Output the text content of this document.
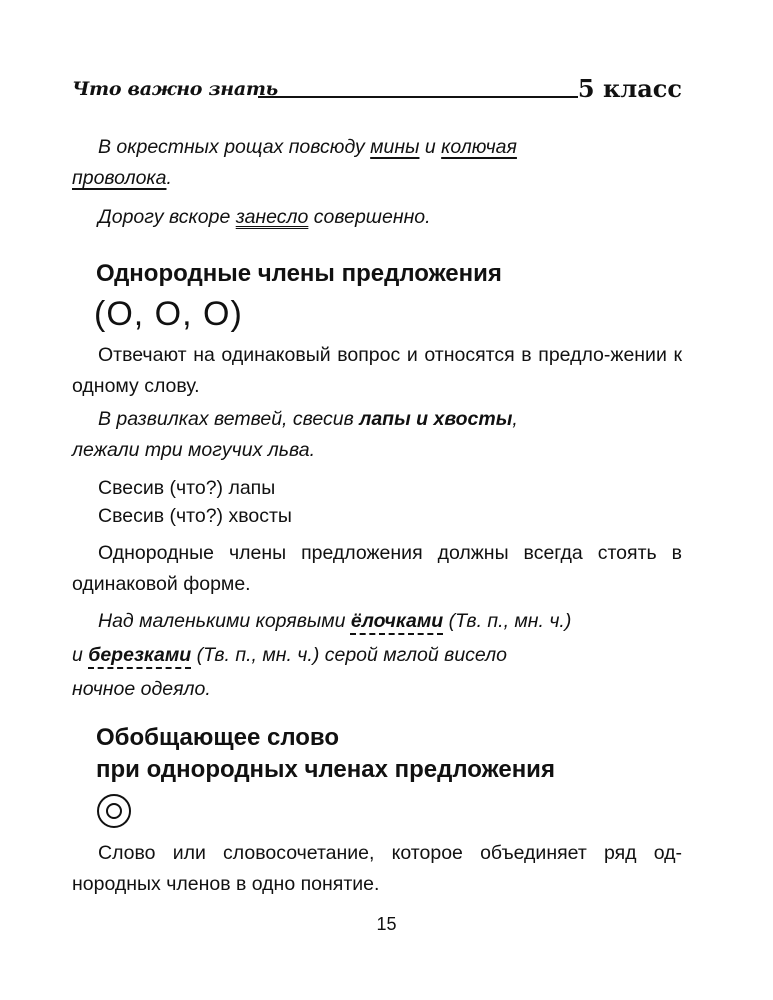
Что важно знать	5 класс
В окрестных рощах повсюду мины и колючая
проволока.
Дорогу вскоре занесло совершенно.
Однородные члены предложения
(О, О, О)
Отвечают на одинаковый вопрос и относятся в предло-жении к одному слову.
В развилках ветвей, свесив лапы и хвосты,
лежали три могучих льва.
Свесив (что?) лапы
Свесив (что?) хвосты
Однородные члены предложения должны всегда стоять в одинаковой форме.
Над маленькими корявыми ёлочками (Тв. п., мн. ч.)
и березками (Тв. п., мн. ч.) серой мглой висело
ночное одеяло.
Обобщающее слово
при однородных членах предложения
Слово или словосочетание, которое объединяет ряд од-нородных членов в одно понятие.
15
